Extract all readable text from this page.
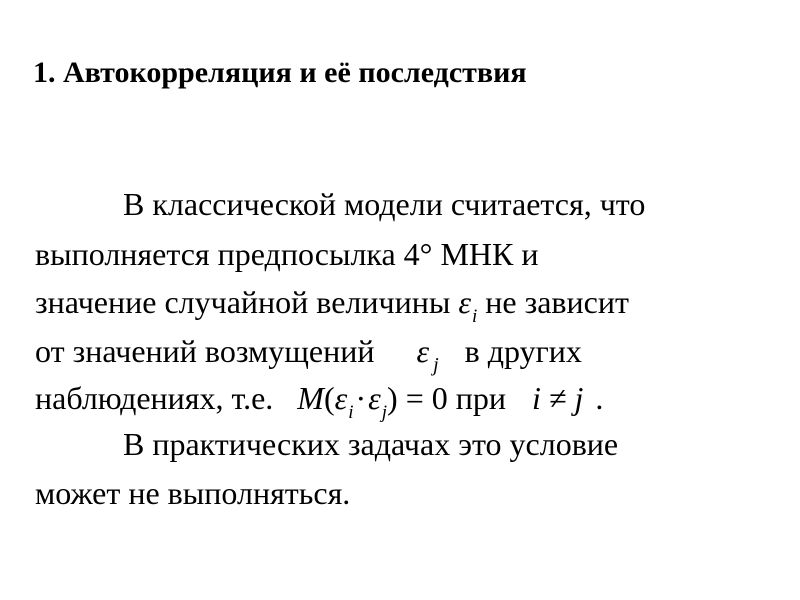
1. Автокорреляция и её последствия
В классической модели считается, что
выполняется предпосылка 4° МНК и
значение случайной величины $\varepsilon_i$ не зависит
от значений возмущений ε $_j$ в других
наблюдениях, т.е. $M(\varepsilon_i\cdot\varepsilon_j) = 0$ при i ≠ j .
В практических задачах это условие
может не выполняться.
